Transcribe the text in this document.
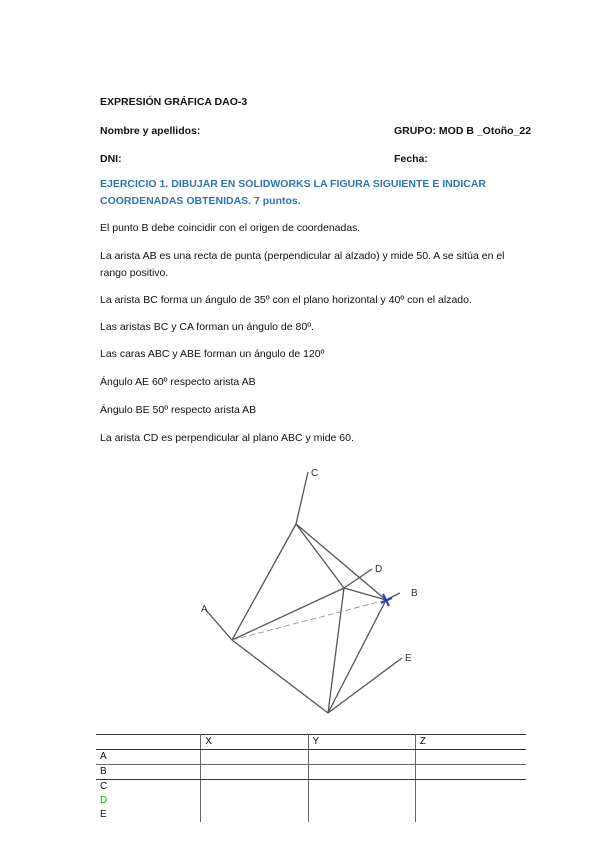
EXPRESIÓN GRÁFICA DAO-3
Nombre y apellidos:	GRUPO: MOD B _Otoño_22
DNI:	Fecha:
EJERCICIO 1. DIBUJAR EN SOLIDWORKS LA FIGURA SIGUIENTE E INDICAR COORDENADAS OBTENIDAS. 7 puntos.
El punto B debe coincidir con el origen de coordenadas.
La arista AB es una recta de punta (perpendicular al alzado) y mide 50. A se sitúa en el rango positivo.
La arista BC forma un ángulo de 35º con el plano horizontal y 40º con el alzado.
Las aristas BC y CA forman un ángulo de 80º.
Las caras ABC y ABE forman un ángulo de 120º
Ángulo AE 60º respecto arista AB
Ángulo BE 50º respecto arista AB
La arista CD es perpendicular al plano ABC y mide 60.
C
D
B
A
E
	X	Y	Z
A			
B			
C			
D			
E			
